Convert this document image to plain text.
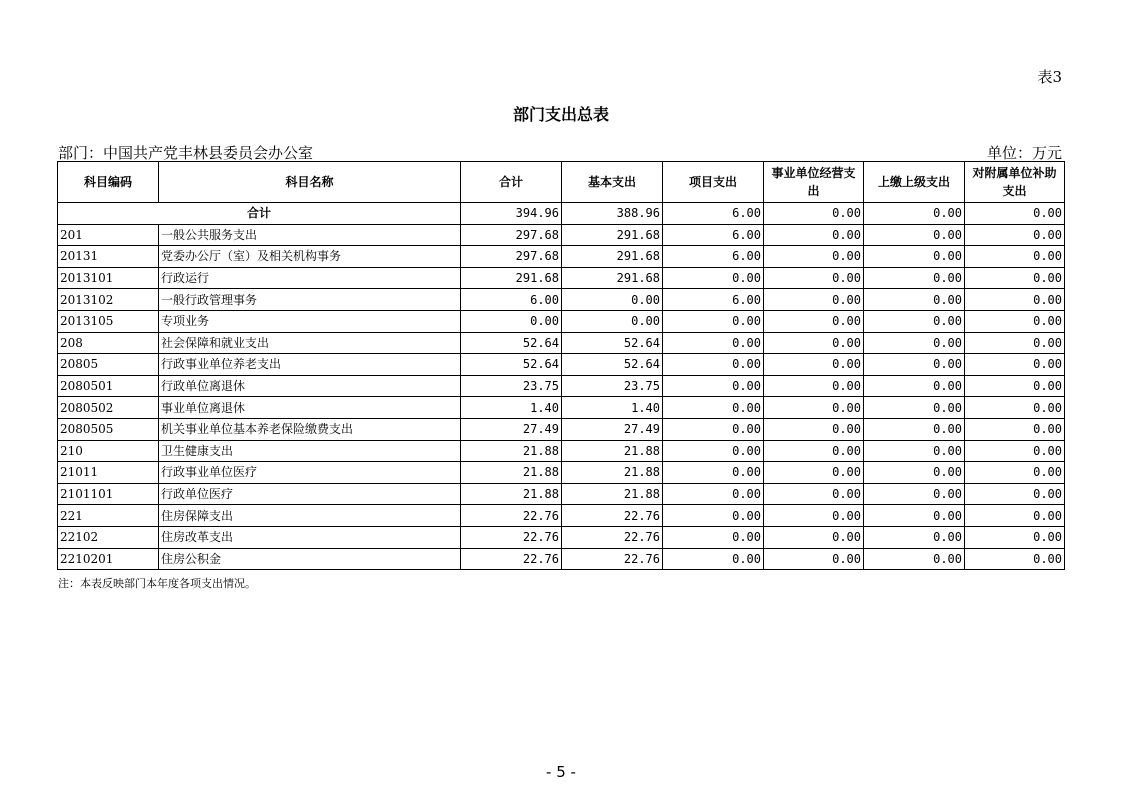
表3
部门支出总表
部门：中国共产党丰林县委员会办公室	单位：万元
科目编码	科目名称	合计	基本支出	项目支出	事业单位经营支出	上缴上级支出	对附属单位补助支出
合计		394.96	388.96	6.00	0.00	0.00	0.00
201	一般公共服务支出	297.68	291.68	6.00	0.00	0.00	0.00
20131	党委办公厅（室）及相关机构事务	297.68	291.68	6.00	0.00	0.00	0.00
2013101	行政运行	291.68	291.68	0.00	0.00	0.00	0.00
2013102	一般行政管理事务	6.00	0.00	6.00	0.00	0.00	0.00
2013105	专项业务	0.00	0.00	0.00	0.00	0.00	0.00
208	社会保障和就业支出	52.64	52.64	0.00	0.00	0.00	0.00
20805	行政事业单位养老支出	52.64	52.64	0.00	0.00	0.00	0.00
2080501	行政单位离退休	23.75	23.75	0.00	0.00	0.00	0.00
2080502	事业单位离退休	1.40	1.40	0.00	0.00	0.00	0.00
2080505	机关事业单位基本养老保险缴费支出	27.49	27.49	0.00	0.00	0.00	0.00
210	卫生健康支出	21.88	21.88	0.00	0.00	0.00	0.00
21011	行政事业单位医疗	21.88	21.88	0.00	0.00	0.00	0.00
2101101	行政单位医疗	21.88	21.88	0.00	0.00	0.00	0.00
221	住房保障支出	22.76	22.76	0.00	0.00	0.00	0.00
22102	住房改革支出	22.76	22.76	0.00	0.00	0.00	0.00
2210201	住房公积金	22.76	22.76	0.00	0.00	0.00	0.00
注：本表反映部门本年度各项支出情况。
- 5 -
